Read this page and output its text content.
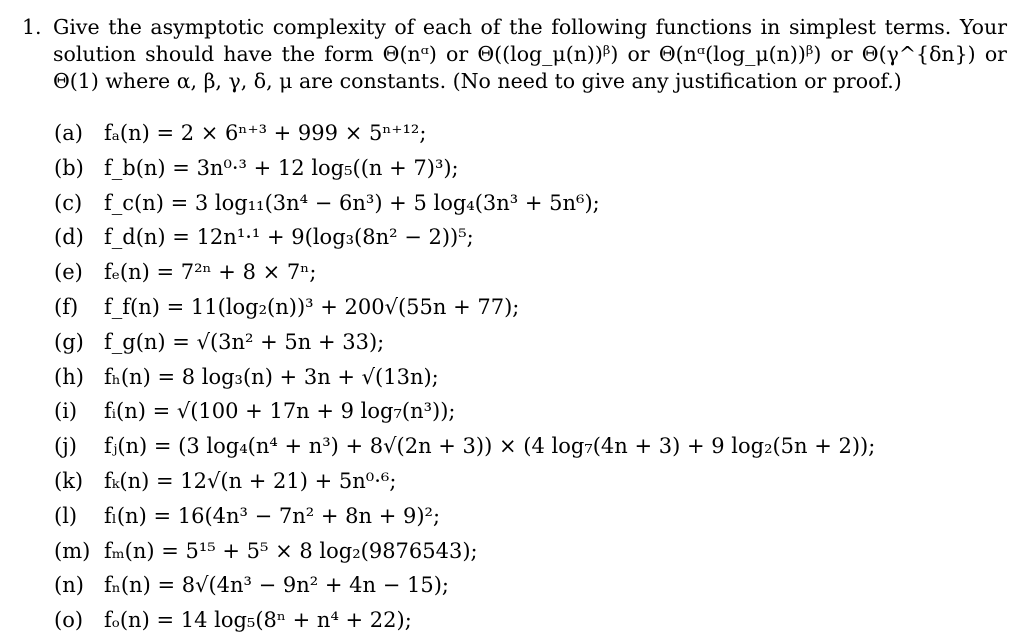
1. Give the asymptotic complexity of each of the following functions in simplest terms. Your solution should have the form Θ(nᵅ) or Θ((log_μ(n))ᵝ) or Θ(nᵅ(log_μ(n))ᵝ) or Θ(γ^{δn}) or Θ(1) where α, β, γ, δ, μ are constants. (No need to give any justification or proof.)
(a) fₐ(n) = 2 × 6ⁿ⁺³ + 999 × 5ⁿ⁺¹²;
(b) f_b(n) = 3n⁰·³ + 12 log₅((n + 7)³);
(c) f_c(n) = 3 log₁₁(3n⁴ − 6n³) + 5 log₄(3n³ + 5n⁶);
(d) f_d(n) = 12n¹·¹ + 9(log₃(8n² − 2))⁵;
(e) fₑ(n) = 7²ⁿ + 8 × 7ⁿ;
(f) f_f(n) = 11(log₂(n))³ + 200√(55n + 77);
(g) f_g(n) = √(3n² + 5n + 33);
(h) fₕ(n) = 8 log₃(n) + 3n + √(13n);
(i) fᵢ(n) = √(100 + 17n + 9 log₇(n³));
(j) fⱼ(n) = (3 log₄(n⁴ + n³) + 8√(2n + 3)) × (4 log₇(4n + 3) + 9 log₂(5n + 2));
(k) fₖ(n) = 12√(n + 21) + 5n⁰·⁶;
(l) fₗ(n) = 16(4n³ − 7n² + 8n + 9)²;
(m) fₘ(n) = 5¹⁵ + 5⁵ × 8 log₂(9876543);
(n) fₙ(n) = 8√(4n³ − 9n² + 4n − 15);
(o) fₒ(n) = 14 log₅(8ⁿ + n⁴ + 22);
